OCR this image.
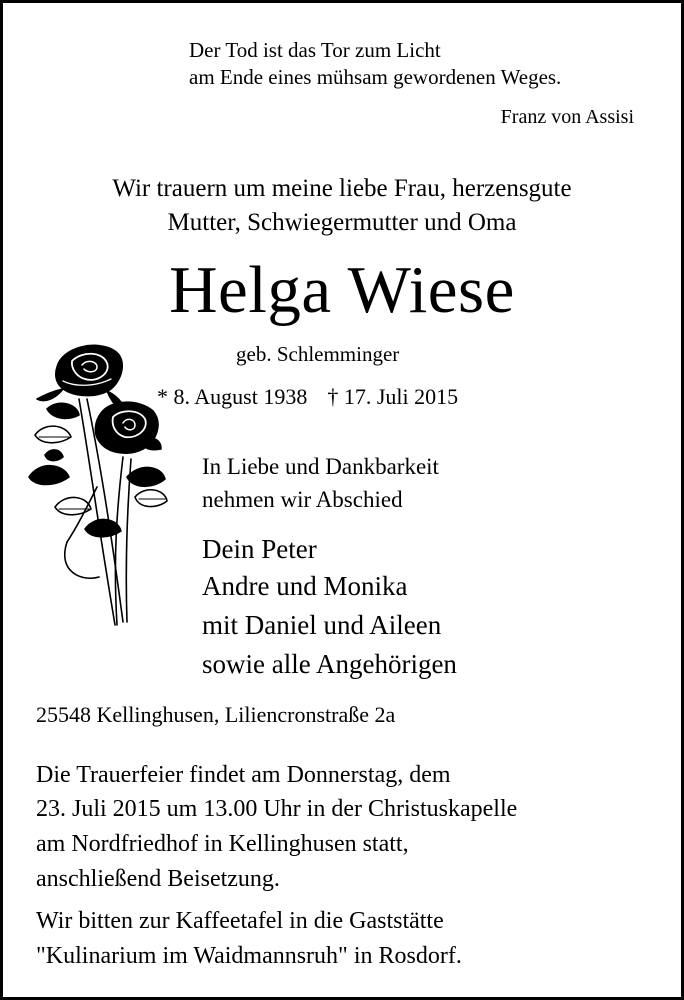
Der Tod ist das Tor zum Licht
am Ende eines mühsam gewordenen Weges.
Franz von Assisi
Wir trauern um meine liebe Frau, herzensgute
Mutter, Schwiegermutter und Oma
Helga Wiese
geb. Schlemminger
* 8. August 1938 † 17. Juli 2015
In Liebe und Dankbarkeit
nehmen wir Abschied
Dein Peter
Andre und Monika
mit Daniel und Aileen
sowie alle Angehörigen
25548 Kellinghusen, Liliencronstraße 2a
Die Trauerfeier findet am Donnerstag, dem
23. Juli 2015 um 13.00 Uhr in der Christuskapelle
am Nordfriedhof in Kellinghusen statt,
anschließend Beisetzung.
Wir bitten zur Kaffeetafel in die Gaststätte
"Kulinarium im Waidmannsruh" in Rosdorf.
